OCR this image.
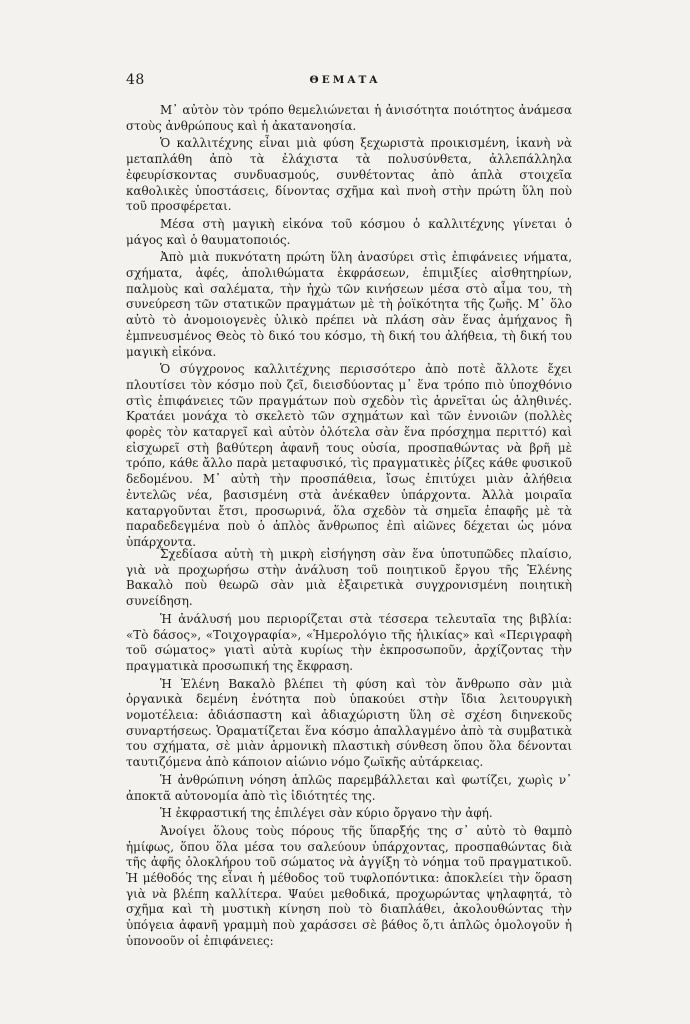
48	ΘΕΜΑΤΑ

Μ᾽ αὐτὸν τὸν τρόπο θεμελιώνεται ἡ ἀνισότητα ποιότητος ἀνάμεσα στοὺς ἀνθρώπους καὶ ἡ ἀκατανοησία.

Ὁ καλλιτέχνης εἶναι μιὰ φύση ξεχωριστὰ προικισμένη, ἱκανὴ νὰ μεταπλάθη ἀπὸ τὰ ἐλάχιστα τὰ πολυσύνθετα, ἀλλεπάλληλα ἐφευρίσκοντας συνδυασμούς, συνθέτοντας ἀπὸ ἁπλὰ στοιχεῖα καθολικὲς ὑποστάσεις, δίνοντας σχῆμα καὶ πνοὴ στὴν πρώτη ὕλη ποὺ τοῦ προσφέρεται.

Μέσα στὴ μαγικὴ εἰκόνα τοῦ κόσμου ὁ καλλιτέχνης γίνεται ὁ μάγος καὶ ὁ θαυματοποιός.

Ἀπὸ μιὰ πυκνότατη πρώτη ὕλη ἀνασύρει στὶς ἐπιφάνειες νήματα, σχήματα, ἀφές, ἀπολιθώματα ἐκφράσεων, ἐπιμιξίες αἰσθητηρίων, παλμοὺς καὶ σαλέματα, τὴν ἠχὼ τῶν κινήσεων μέσα στὸ αἷμα του, τὴ συνεύρεση τῶν στατικῶν πραγμάτων μὲ τὴ ῥοϊκότητα τῆς ζωῆς. Μ᾽ ὅλο αὐτὸ τὸ ἀνομοιογενὲς ὑλικὸ πρέπει νὰ πλάση σὰν ἕνας ἀμήχανος ἢ ἐμπνευσμένος Θεὸς τὸ δικό του κόσμο, τὴ δική του ἀλήθεια, τὴ δική του μαγικὴ εἰκόνα.

Ὁ σύγχρονος καλλιτέχνης περισσότερο ἀπὸ ποτὲ ἄλλοτε ἔχει πλουτίσει τὸν κόσμο ποὺ ζεῖ, διεισδύοντας μ᾽ ἕνα τρόπο πιὸ ὑποχθόνιο στὶς ἐπιφάνειες τῶν πραγμάτων ποὺ σχεδὸν τὶς ἀρνεῖται ὡς ἀληθινές. Κρατάει μονάχα τὸ σκελετὸ τῶν σχημάτων καὶ τῶν ἐννοιῶν (πολλὲς φορὲς τὸν καταργεῖ καὶ αὐτὸν ὁλότελα σὰν ἕνα πρόσχημα περιττό) καὶ εἰσχωρεῖ στὴ βαθύτερη ἀφανῆ τους οὐσία, προσπαθώντας νὰ βρῆ μὲ τρόπο, κάθε ἄλλο παρὰ μεταφυσικό, τὶς πραγματικὲς ῥίζες κάθε φυσικοῦ δεδομένου. Μ᾽ αὐτὴ τὴν προσπάθεια, ἴσως ἐπιτύχει μιὰν ἀλήθεια ἐντελῶς νέα, βασισμένη στὰ ἀνέκαθεν ὑπάρχοντα. Ἀλλὰ μοιραῖα καταργοῦνται ἔτσι, προσωρινά, ὅλα σχεδὸν τὰ σημεῖα ἐπαφῆς μὲ τὰ παραδεδεγμένα ποὺ ὁ ἁπλὸς ἄνθρωπος ἐπὶ αἰῶνες δέχεται ὡς μόνα ὑπάρχοντα.

Σχεδίασα αὐτὴ τὴ μικρὴ εἰσήγηση σὰν ἕνα ὑποτυπῶδες πλαίσιο, γιὰ νὰ προχωρήσω στὴν ἀνάλυση τοῦ ποιητικοῦ ἔργου τῆς Ἑλένης Βακαλὸ ποὺ θεωρῶ σὰν μιὰ ἐξαιρετικὰ συγχρονισμένη ποιητικὴ συνείδηση.

Ἡ ἀνάλυσή μου περιορίζεται στὰ τέσσερα τελευταῖα της βιβλία: «Τὸ δάσος», «Τοιχογραφία», «Ἡμερολόγιο τῆς ἡλικίας» καὶ «Περιγραφὴ τοῦ σώματος» γιατὶ αὐτὰ κυρίως τὴν ἐκπροσωποῦν, ἀρχίζοντας τὴν πραγματικὰ προσωπική της ἔκφραση.

Ἡ Ἑλένη Βακαλὸ βλέπει τὴ φύση καὶ τὸν ἄνθρωπο σὰν μιὰ ὀργανικὰ δεμένη ἑνότητα ποὺ ὑπακούει στὴν ἴδια λειτουργικὴ νομοτέλεια: ἀδιάσπαστη καὶ ἀδιαχώριστη ὕλη σὲ σχέση διηνεκοῦς συναρτήσεως. Ὁραματίζεται ἕνα κόσμο ἀπαλλαγμένο ἀπὸ τὰ συμβατικὰ του σχήματα, σὲ μιὰν ἁρμονικὴ πλαστικὴ σύνθεση ὅπου ὅλα δένονται ταυτιζόμενα ἀπὸ κάποιον αἰώνιο νόμο ζωϊκῆς αὐτάρκειας.

Ἡ ἀνθρώπινη νόηση ἁπλῶς παρεμβάλλεται καὶ φωτίζει, χωρὶς ν᾽ ἀποκτᾶ αὐτονομία ἀπὸ τὶς ἰδιότητές της.

Ἡ ἐκφραστική της ἐπιλέγει σὰν κύριο ὄργανο τὴν ἀφή.

Ἀνοίγει ὅλους τοὺς πόρους τῆς ὕπαρξής της σ᾽ αὐτὸ τὸ θαμπὸ ἡμίφως, ὅπου ὅλα μέσα του σαλεύουν ὑπάρχοντας, προσπαθώντας διὰ τῆς ἀφῆς ὁλοκλήρου τοῦ σώματος νὰ ἀγγίξη τὸ νόημα τοῦ πραγματικοῦ. Ἡ μέθοδός της εἶναι ἡ μέθοδος τοῦ τυφλοπόντικα: ἀποκλείει τὴν ὅραση γιὰ νὰ βλέπη καλλίτερα. Ψαύει μεθοδικά, προχωρώντας ψηλαφητά, τὸ σχῆμα καὶ τὴ μυστικὴ κίνηση ποὺ τὸ διαπλάθει, ἀκολουθώντας τὴν ὑπόγεια ἀφανῆ γραμμὴ ποὺ χαράσσει σὲ βάθος ὅ,τι ἁπλῶς ὁμολογοῦν ἡ ὑπονοοῦν οἱ ἐπιφάνειες:
